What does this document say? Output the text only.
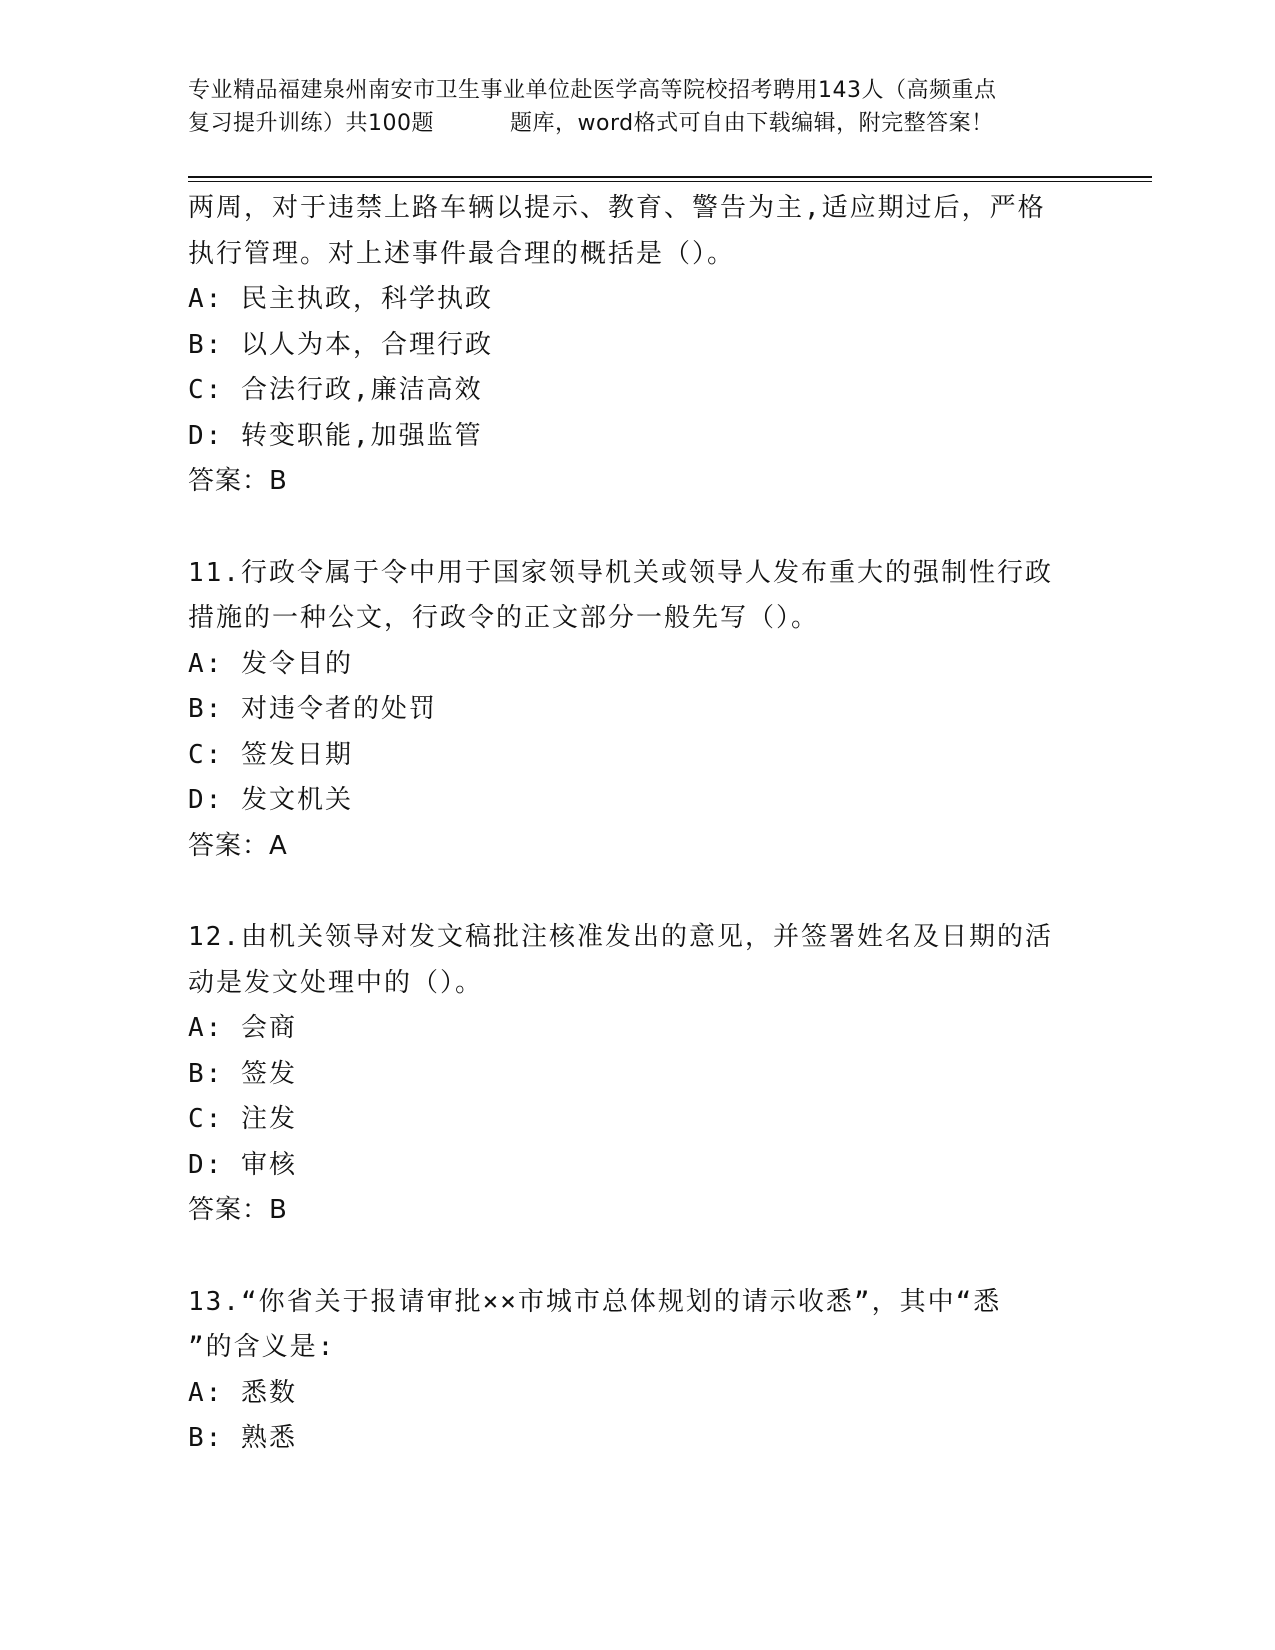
专业精品福建泉州南安市卫生事业单位赴医学高等院校招考聘用143人（高频重点
复习提升训练）共100题	题库，word格式可自由下载编辑，附完整答案！
两周，对于违禁上路车辆以提示、教育、警告为主,适应期过后，严格
执行管理。对上述事件最合理的概括是（）。
A: 民主执政，科学执政
B: 以人为本，合理行政
C: 合法行政,廉洁高效
D: 转变职能,加强监管
答案：B
11.行政令属于令中用于国家领导机关或领导人发布重大的强制性行政
措施的一种公文，行政令的正文部分一般先写（）。
A: 发令目的
B: 对违令者的处罚
C: 签发日期
D: 发文机关
答案：A
12.由机关领导对发文稿批注核准发出的意见，并签署姓名及日期的活
动是发文处理中的（）。
A: 会商
B: 签发
C: 注发
D: 审核
答案：B
13.“你省关于报请审批××市城市总体规划的请示收悉”，其中“悉
”的含义是:
A: 悉数
B: 熟悉
